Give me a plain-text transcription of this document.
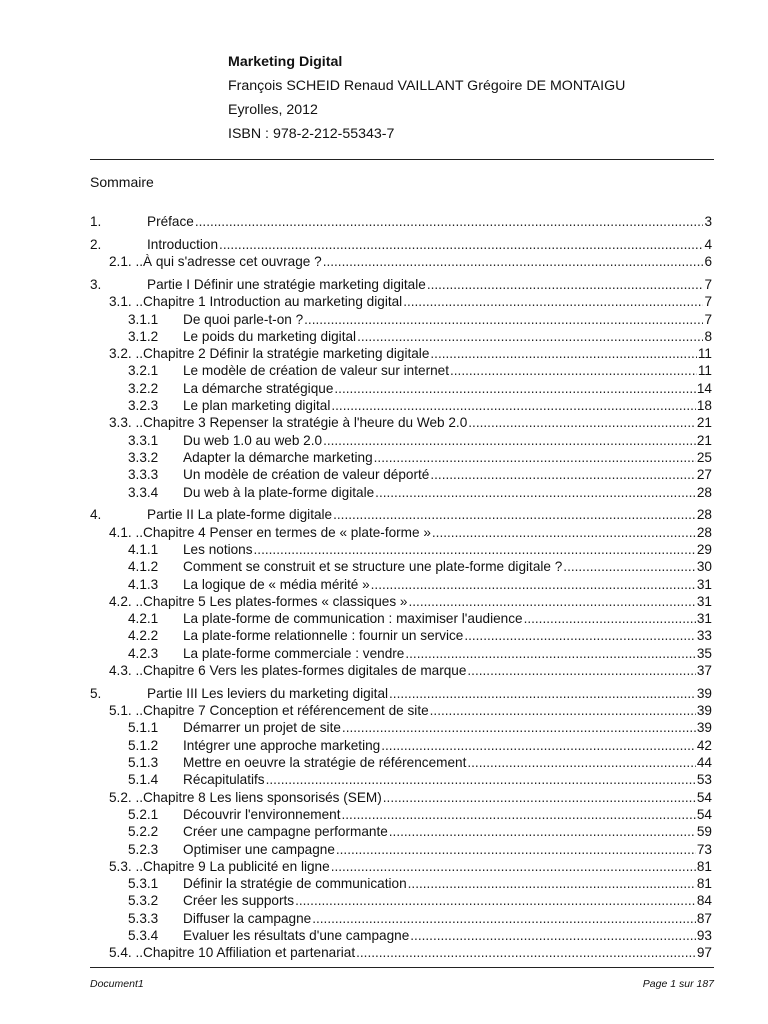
Marketing Digital
François SCHEID Renaud VAILLANT Grégoire DE MONTAIGU
Eyrolles, 2012
ISBN : 978-2-212-55343-7
Sommaire
1.	Préface .....	3
2.	Introduction .....	4
2.1. .. À qui s'adresse cet ouvrage ? .....	6
3.	Partie I Définir une stratégie marketing digitale .....	7
3.1. .. Chapitre 1 Introduction au marketing digital .....	7
3.1.1	De quoi parle-t-on ? .....	7
3.1.2	Le poids du marketing digital .....	8
3.2. .. Chapitre 2 Définir la stratégie marketing digitale .....	11
3.2.1	Le modèle de création de valeur sur internet .....	11
3.2.2	La démarche stratégique .....	14
3.2.3	Le plan marketing digital .....	18
3.3. .. Chapitre 3 Repenser la stratégie à l'heure du Web 2.0 .....	21
3.3.1	Du web 1.0 au web 2.0 .....	21
3.3.2	Adapter la démarche marketing .....	25
3.3.3	Un modèle de création de valeur déporté .....	27
3.3.4	Du web à la plate-forme digitale .....	28
4.	Partie II La plate-forme digitale .....	28
4.1. .. Chapitre 4 Penser en termes de « plate-forme » .....	28
4.1.1	Les notions .....	29
4.1.2	Comment se construit et se structure une plate-forme digitale ? .....	30
4.1.3	La logique de « média mérité » .....	31
4.2. .. Chapitre 5 Les plates-formes « classiques » .....	31
4.2.1	La plate-forme de communication : maximiser l'audience .....	31
4.2.2	La plate-forme relationnelle : fournir un service .....	33
4.2.3	La plate-forme commerciale : vendre .....	35
4.3. .. Chapitre 6 Vers les plates-formes digitales de marque .....	37
5.	Partie III Les leviers du marketing digital .....	39
5.1. .. Chapitre 7 Conception et référencement de site .....	39
5.1.1	Démarrer un projet de site .....	39
5.1.2	Intégrer une approche marketing .....	42
5.1.3	Mettre en oeuvre la stratégie de référencement .....	44
5.1.4	Récapitulatifs .....	53
5.2. .. Chapitre 8 Les liens sponsorisés (SEM) .....	54
5.2.1	Découvrir l'environnement .....	54
5.2.2	Créer une campagne performante .....	59
5.2.3	Optimiser une campagne .....	73
5.3. .. Chapitre 9 La publicité en ligne .....	81
5.3.1	Définir la stratégie de communication .....	81
5.3.2	Créer les supports .....	84
5.3.3	Diffuser la campagne .....	87
5.3.4	Evaluer les résultats d'une campagne .....	93
5.4. .. Chapitre 10 Affiliation et partenariat .....	97
Document1	Page 1 sur 187
